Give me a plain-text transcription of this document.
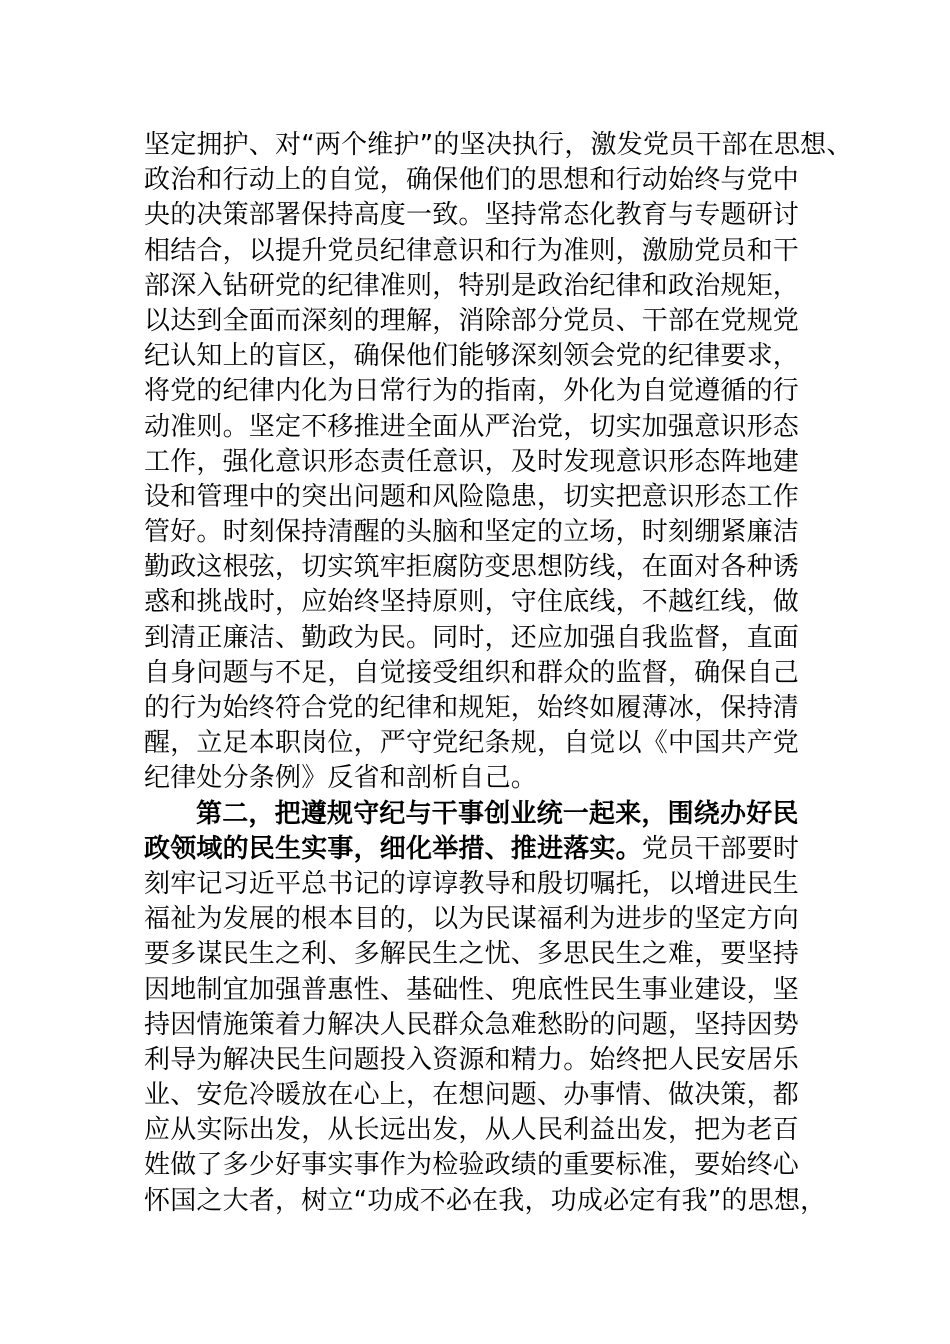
坚定拥护、对“两个维护”的坚决执行，激发党员干部在思想、
政治和行动上的自觉，确保他们的思想和行动始终与党中
央的决策部署保持高度一致。坚持常态化教育与专题研讨
相结合，以提升党员纪律意识和行为准则，激励党员和干
部深入钻研党的纪律准则，特别是政治纪律和政治规矩，
以达到全面而深刻的理解，消除部分党员、干部在党规党
纪认知上的盲区，确保他们能够深刻领会党的纪律要求，
将党的纪律内化为日常行为的指南，外化为自觉遵循的行
动准则。坚定不移推进全面从严治党，切实加强意识形态
工作，强化意识形态责任意识，及时发现意识形态阵地建
设和管理中的突出问题和风险隐患，切实把意识形态工作
管好。时刻保持清醒的头脑和坚定的立场，时刻绷紧廉洁
勤政这根弦，切实筑牢拒腐防变思想防线，在面对各种诱
惑和挑战时，应始终坚持原则，守住底线，不越红线，做
到清正廉洁、勤政为民。同时，还应加强自我监督，直面
自身问题与不足，自觉接受组织和群众的监督，确保自己
的行为始终符合党的纪律和规矩，始终如履薄冰，保持清
醒，立足本职岗位，严守党纪条规，自觉以《中国共产党
纪律处分条例》反省和剖析自己。
第二，把遵规守纪与干事创业统一起来，围绕办好民
政领域的民生实事，细化举措、推进落实。党员干部要时
刻牢记习近平总书记的谆谆教导和殷切嘱托，以增进民生
福祉为发展的根本目的，以为民谋福利为进步的坚定方向
要多谋民生之利、多解民生之忧、多思民生之难，要坚持
因地制宜加强普惠性、基础性、兜底性民生事业建设，坚
持因情施策着力解决人民群众急难愁盼的问题，坚持因势
利导为解决民生问题投入资源和精力。始终把人民安居乐
业、安危冷暖放在心上，在想问题、办事情、做决策，都
应从实际出发，从长远出发，从人民利益出发，把为老百
姓做了多少好事实事作为检验政绩的重要标准，要始终心
怀国之大者，树立“功成不必在我，功成必定有我”的思想，
